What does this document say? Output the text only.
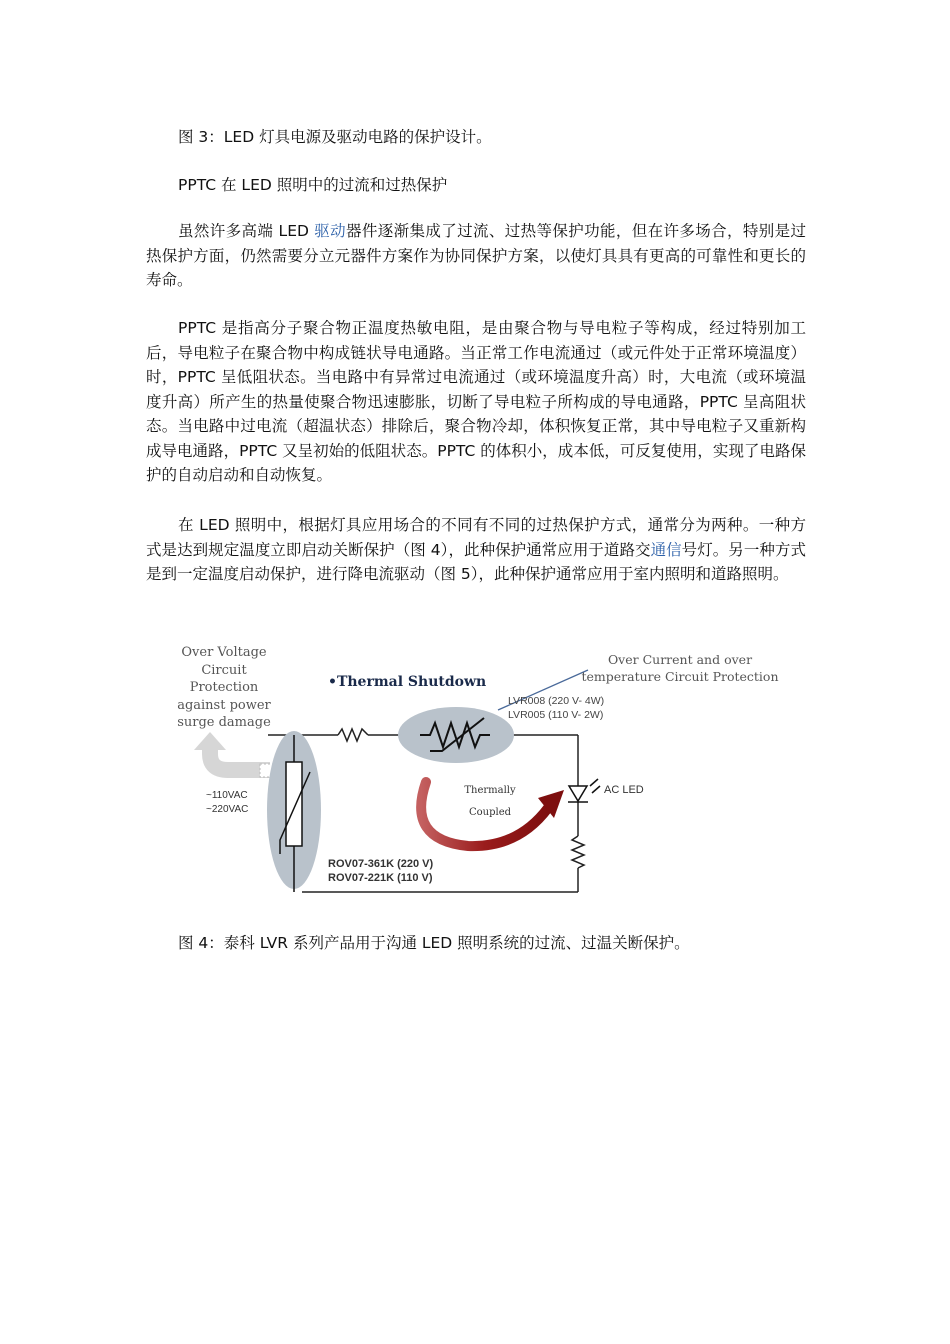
图 3：LED 灯具电源及驱动电路的保护设计。

PPTC 在 LED 照明中的过流和过热保护

虽然许多高端 LED 驱动器件逐渐集成了过流、过热等保护功能，但在许多场合，特别是过热保护方面，仍然需要分立元器件方案作为协同保护方案，以使灯具具有更高的可靠性和更长的寿命。

PPTC 是指高分子聚合物正温度热敏电阻，是由聚合物与导电粒子等构成，经过特别加工后，导电粒子在聚合物中构成链状导电通路。当正常工作电流通过（或元件处于正常环境温度）时，PPTC 呈低阻状态。当电路中有异常过电流通过（或环境温度升高）时，大电流（或环境温度升高）所产生的热量使聚合物迅速膨胀，切断了导电粒子所构成的导电通路，PPTC 呈高阻状态。当电路中过电流（超温状态）排除后，聚合物冷却，体积恢复正常，其中导电粒子又重新构成导电通路，PPTC 又呈初始的低阻状态。PPTC 的体积小，成本低，可反复使用，实现了电路保护的自动启动和自动恢复。

在 LED 照明中，根据灯具应用场合的不同有不同的过热保护方式，通常分为两种。一种方式是达到规定温度立即启动关断保护（图 4），此种保护通常应用于道路交通信号灯。另一种方式是到一定温度启动保护，进行降电流驱动（图 5），此种保护通常应用于室内照明和道路照明。

Over Voltage
Circuit
Protection
against power
surge damage
~110VAC
~220VAC
•Thermal Shutdown
Over Current and over
temperature Circuit Protection
LVR008 (220 V- 4W)
LVR005 (110 V- 2W)
Thermally
Coupled
AC LED
ROV07-361K (220 V)
ROV07-221K (110 V)

图 4：泰科 LVR 系列产品用于沟通 LED 照明系统的过流、过温关断保护。
